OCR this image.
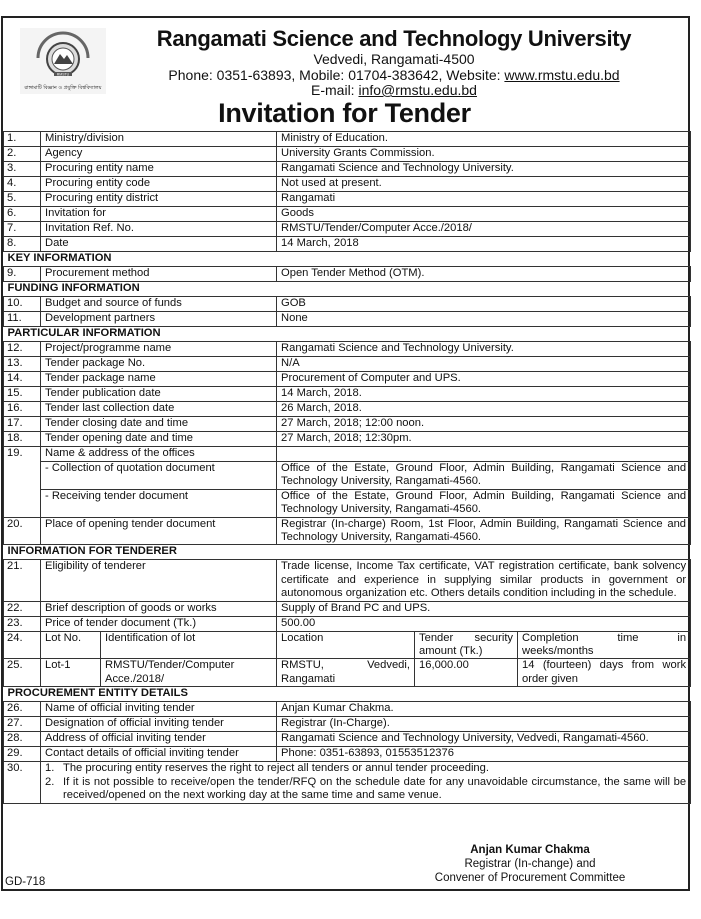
RMSTU
রাঙ্গামাটি বিজ্ঞান ও প্রযুক্তি বিশ্ববিদ্যালয়
Rangamati Science and Technology University
Vedvedi, Rangamati-4500
Phone: 0351-63893, Mobile: 01704-383642, Website: www.rmstu.edu.bd
E-mail: info@rmstu.edu.bd
Invitation for Tender
1.	Ministry/division		Ministry of Education.		
2.	Agency		University Grants Commission.		
3.	Procuring entity name		Rangamati Science and Technology University.		
4.	Procuring entity code		Not used at present.		
5.	Procuring entity district		Rangamati		
6.	Invitation for		Goods		
7.	Invitation Ref. No.		RMSTU/Tender/Computer Acce./2018/		
8.	Date		14 March, 2018		
KEY INFORMATION					
9.	Procurement method		Open Tender Method (OTM).		
FUNDING INFORMATION					
10.	Budget and source of funds		GOB		
11.	Development partners		None		
PARTICULAR INFORMATION					
12.	Project/programme name		Rangamati Science and Technology University.		
13.	Tender package No.		N/A		
14.	Tender package name		Procurement of Computer and UPS.		
15.	Tender publication date		14 March, 2018.		
16.	Tender last collection date		26 March, 2018.		
17.	Tender closing date and time		27 March, 2018; 12:00 noon.		
18.	Tender opening date and time		27 March, 2018; 12:30pm.		
19.	Name & address of the offices				
	- Collection of quotation document		Office of the Estate, Ground Floor, Admin Building, Rangamati Science and Technology University, Rangamati-4560.		
	- Receiving tender document		Office of the Estate, Ground Floor, Admin Building, Rangamati Science and Technology University, Rangamati-4560.		
20.	Place of opening tender document		Registrar (In-charge) Room, 1st Floor, Admin Building, Rangamati Science and Technology University, Rangamati-4560.		
INFORMATION FOR TENDERER					
21.	Eligibility of tenderer		Trade license, Income Tax certificate, VAT registration certificate, bank solvency certificate and experience in supplying similar products in government or autonomous organization etc. Others details condition including in the schedule.		
22.	Brief description of goods or works		Supply of Brand PC and UPS.		
23.	Price of tender document (Tk.)		500.00		
24.	Lot No.	Identification of lot	Location	Tender security amount (Tk.)	Completion time in weeks/months
25.	Lot-1	RMSTU/Tender/Computer Acce./2018/	RMSTU, Vedvedi, Rangamati	16,000.00	14 (fourteen) days from work order given
PROCUREMENT ENTITY DETAILS					
26.	Name of official inviting tender		Anjan Kumar Chakma.		
27.	Designation of official inviting tender		Registrar (In-Charge).		
28.	Address of official inviting tender		Rangamati Science and Technology University, Vedvedi, Rangamati-4560.		
29.	Contact details of official inviting tender		Phone: 0351-63893, 01553512376		
30.	1. The procuring entity reserves the right to reject all tenders or annul tender proceeding.
2. If it is not possible to receive/open the tender/RFQ on the schedule date for any unavoidable circumstance, the same will be received/opened on the next working day at the same time and same venue.				
Anjan Kumar Chakma
Registrar (In-change) and
Convener of Procurement Committee
GD-718
